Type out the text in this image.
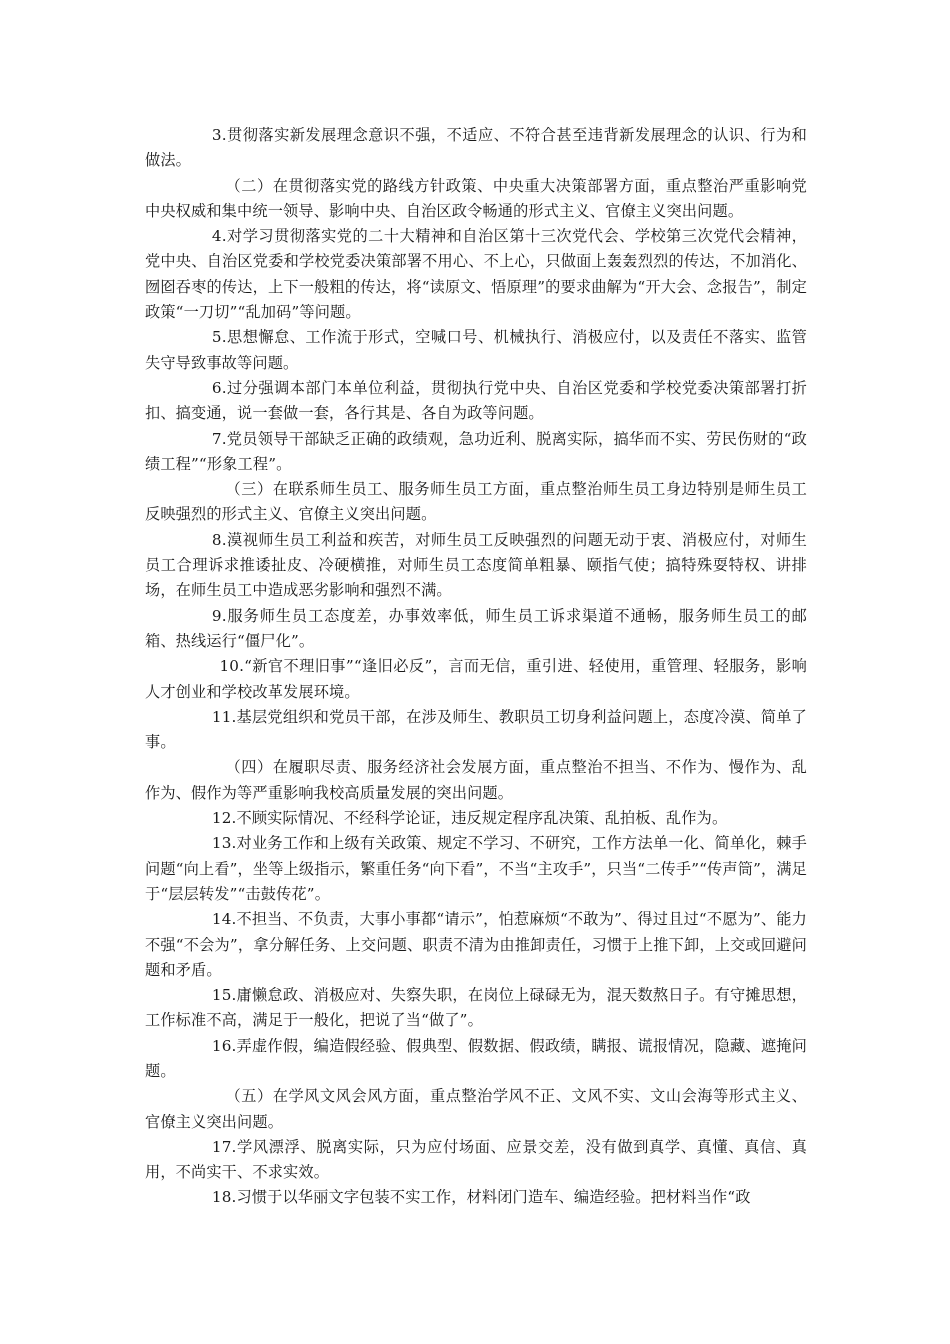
3.贯彻落实新发展理念意识不强，不适应、不符合甚至违背新发展理念的认识、行为和做法。

（二）在贯彻落实党的路线方针政策、中央重大决策部署方面，重点整治严重影响党中央权威和集中统一领导、影响中央、自治区政令畅通的形式主义、官僚主义突出问题。

4.对学习贯彻落实党的二十大精神和自治区第十三次党代会、学校第三次党代会精神，党中央、自治区党委和学校党委决策部署不用心、不上心，只做面上轰轰烈烈的传达，不加消化、囫囵吞枣的传达，上下一般粗的传达，将“读原文、悟原理”的要求曲解为“开大会、念报告”，制定政策“一刀切”“乱加码”等问题。

5.思想懈怠、工作流于形式，空喊口号、机械执行、消极应付，以及责任不落实、监管失守导致事故等问题。

6.过分强调本部门本单位利益，贯彻执行党中央、自治区党委和学校党委决策部署打折扣、搞变通，说一套做一套，各行其是、各自为政等问题。

7.党员领导干部缺乏正确的政绩观，急功近利、脱离实际，搞华而不实、劳民伤财的“政绩工程”“形象工程”。

（三）在联系师生员工、服务师生员工方面，重点整治师生员工身边特别是师生员工反映强烈的形式主义、官僚主义突出问题。

8.漠视师生员工利益和疾苦，对师生员工反映强烈的问题无动于衷、消极应付，对师生员工合理诉求推诿扯皮、冷硬横推，对师生员工态度简单粗暴、颐指气使；搞特殊耍特权、讲排场，在师生员工中造成恶劣影响和强烈不满。

9.服务师生员工态度差，办事效率低，师生员工诉求渠道不通畅，服务师生员工的邮箱、热线运行“僵尸化”。

10.“新官不理旧事”“逢旧必反”，言而无信，重引进、轻使用，重管理、轻服务，影响人才创业和学校改革发展环境。

11.基层党组织和党员干部，在涉及师生、教职员工切身利益问题上，态度冷漠、简单了事。

（四）在履职尽责、服务经济社会发展方面，重点整治不担当、不作为、慢作为、乱作为、假作为等严重影响我校高质量发展的突出问题。

12.不顾实际情况、不经科学论证，违反规定程序乱决策、乱拍板、乱作为。

13.对业务工作和上级有关政策、规定不学习、不研究，工作方法单一化、简单化，棘手问题“向上看”，坐等上级指示，繁重任务“向下看”，不当“主攻手”，只当“二传手”“传声筒”，满足于“层层转发”“击鼓传花”。

14.不担当、不负责，大事小事都“请示”，怕惹麻烦“不敢为”、得过且过“不愿为”、能力不强“不会为”，拿分解任务、上交问题、职责不清为由推卸责任，习惯于上推下卸，上交或回避问题和矛盾。

15.庸懒怠政、消极应对、失察失职，在岗位上碌碌无为，混天数熬日子。有守摊思想，工作标准不高，满足于一般化，把说了当“做了”。

16.弄虚作假，编造假经验、假典型、假数据、假政绩，瞒报、谎报情况，隐藏、遮掩问题。

（五）在学风文风会风方面，重点整治学风不正、文风不实、文山会海等形式主义、官僚主义突出问题。

17.学风漂浮、脱离实际，只为应付场面、应景交差，没有做到真学、真懂、真信、真用，不尚实干、不求实效。

18.习惯于以华丽文字包装不实工作，材料闭门造车、编造经验。把材料当作“政
